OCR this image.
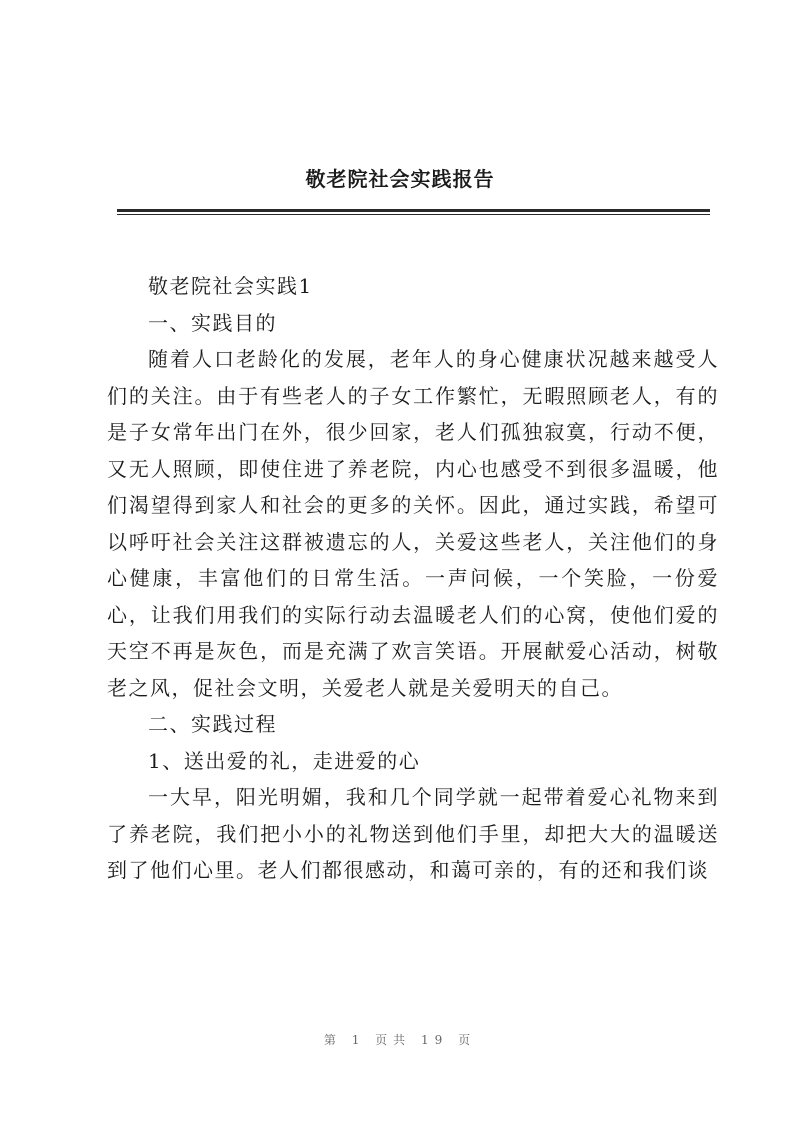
敬老院社会实践报告

敬老院社会实践1

一、实践目的

随着人口老龄化的发展，老年人的身心健康状况越来越受人们的关注。由于有些老人的子女工作繁忙，无暇照顾老人，有的是子女常年出门在外，很少回家，老人们孤独寂寞，行动不便，又无人照顾，即使住进了养老院，内心也感受不到很多温暖，他们渴望得到家人和社会的更多的关怀。因此，通过实践，希望可以呼吁社会关注这群被遗忘的人，关爱这些老人，关注他们的身心健康，丰富他们的日常生活。一声问候，一个笑脸，一份爱心，让我们用我们的实际行动去温暖老人们的心窝，使他们爱的天空不再是灰色，而是充满了欢言笑语。开展献爱心活动，树敬老之风，促社会文明，关爱老人就是关爱明天的自己。

二、实践过程

1、送出爱的礼，走进爱的心

一大早，阳光明媚，我和几个同学就一起带着爱心礼物来到了养老院，我们把小小的礼物送到他们手里，却把大大的温暖送到了他们心里。老人们都很感动，和蔼可亲的，有的还和我们谈

第 1 页共 19 页
